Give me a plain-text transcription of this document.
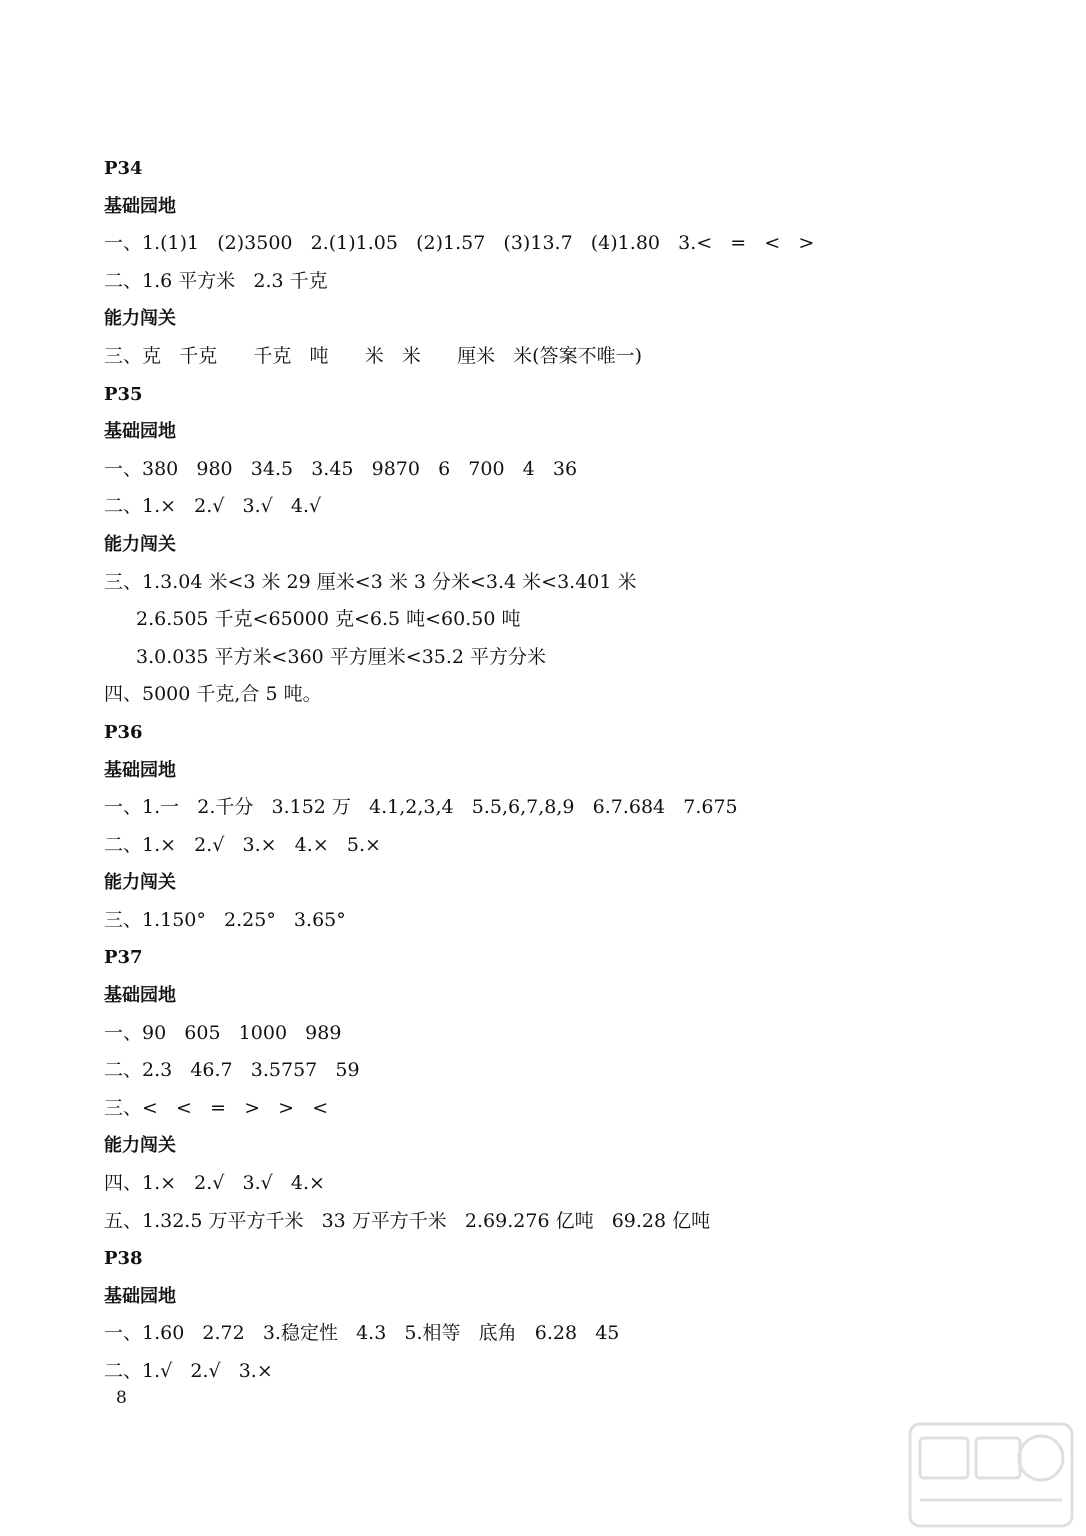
P34
基础园地
一、1.(1)1   (2)3500   2.(1)1.05   (2)1.57   (3)13.7   (4)1.80   3.<   =   <   >
二、1.6 平方米   2.3 千克
能力闯关
三、克   千克      千克   吨      米   米      厘米   米(答案不唯一)
P35
基础园地
一、380   980   34.5   3.45   9870   6   700   4   36
二、1.×   2.√   3.√   4.√
能力闯关
三、1.3.04 米<3 米 29 厘米<3 米 3 分米<3.4 米<3.401 米
2.6.505 千克<65000 克<6.5 吨<60.50 吨
3.0.035 平方米<360 平方厘米<35.2 平方分米
四、5000 千克,合 5 吨。
P36
基础园地
一、1.一   2.千分   3.152 万   4.1,2,3,4   5.5,6,7,8,9   6.7.684   7.675
二、1.×   2.√   3.×   4.×   5.×
能力闯关
三、1.150°   2.25°   3.65°
P37
基础园地
一、90   605   1000   989
二、2.3   46.7   3.5757   59
三、<   <   =   >   >   <
能力闯关
四、1.×   2.√   3.√   4.×
五、1.32.5 万平方千米   33 万平方千米   2.69.276 亿吨   69.28 亿吨
P38
基础园地
一、1.60   2.72   3.稳定性   4.3   5.相等   底角   6.28   45
二、1.√   2.√   3.×
8
